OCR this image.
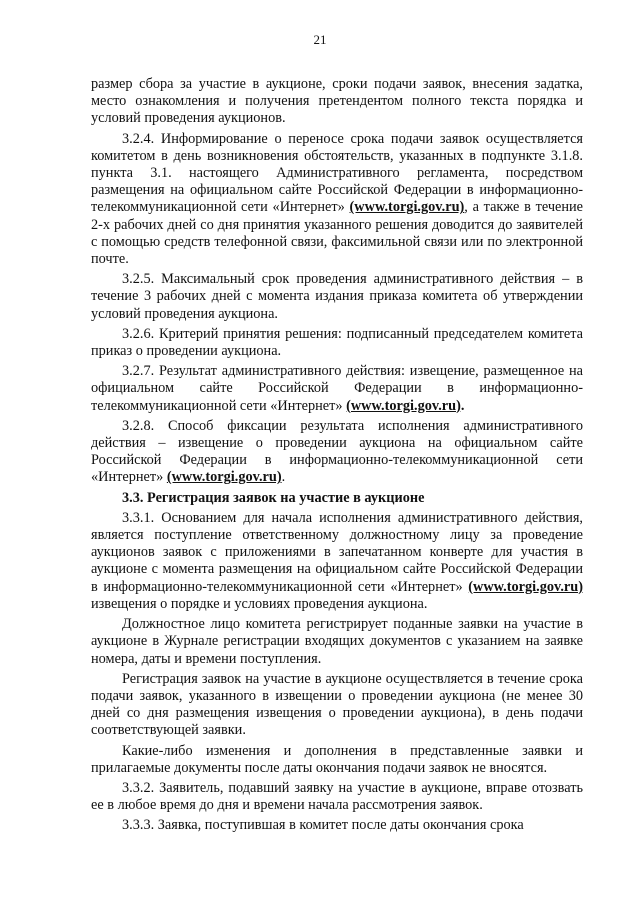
21

размер сбора за участие в аукционе, сроки подачи заявок, внесения задатка, место ознакомления и получения претендентом полного текста порядка и условий проведения аукционов.

3.2.4. Информирование о переносе срока подачи заявок осуществляется комитетом в день возникновения обстоятельств, указанных в подпункте 3.1.8. пункта 3.1. настоящего Административного регламента, посредством размещения на официальном сайте Российской Федерации в информационно-телекоммуникационной сети «Интернет» (www.torgi.gov.ru), а также в течение 2-х рабочих дней со дня принятия указанного решения доводится до заявителей с помощью средств телефонной связи, факсимильной связи или по электронной почте.

3.2.5. Максимальный срок проведения административного действия – в течение 3 рабочих дней с момента издания приказа комитета об утверждении условий проведения аукциона.

3.2.6. Критерий принятия решения: подписанный председателем комитета приказ о проведении аукциона.

3.2.7. Результат административного действия: извещение, размещенное на официальном сайте Российской Федерации в информационно-телекоммуникационной сети «Интернет» (www.torgi.gov.ru).

3.2.8. Способ фиксации результата исполнения административного действия – извещение о проведении аукциона на официальном сайте Российской Федерации в информационно-телекоммуникационной сети «Интернет» (www.torgi.gov.ru).

3.3. Регистрация заявок на участие в аукционе

3.3.1. Основанием для начала исполнения административного действия, является поступление ответственному должностному лицу за проведение аукционов заявок с приложениями в запечатанном конверте для участия в аукционе с момента размещения на официальном сайте Российской Федерации в информационно-телекоммуникационной сети «Интернет» (www.torgi.gov.ru) извещения о порядке и условиях проведения аукциона.

Должностное лицо комитета регистрирует поданные заявки на участие в аукционе в Журнале регистрации входящих документов с указанием на заявке номера, даты и времени поступления.

Регистрация заявок на участие в аукционе осуществляется в течение срока подачи заявок, указанного в извещении о проведении аукциона (не менее 30 дней со дня размещения извещения о проведении аукциона), в день подачи соответствующей заявки.

Какие-либо изменения и дополнения в представленные заявки и прилагаемые документы после даты окончания подачи заявок не вносятся.

3.3.2. Заявитель, подавший заявку на участие в аукционе, вправе отозвать ее в любое время до дня и времени начала рассмотрения заявок.

3.3.3. Заявка, поступившая в комитет после даты окончания срока
